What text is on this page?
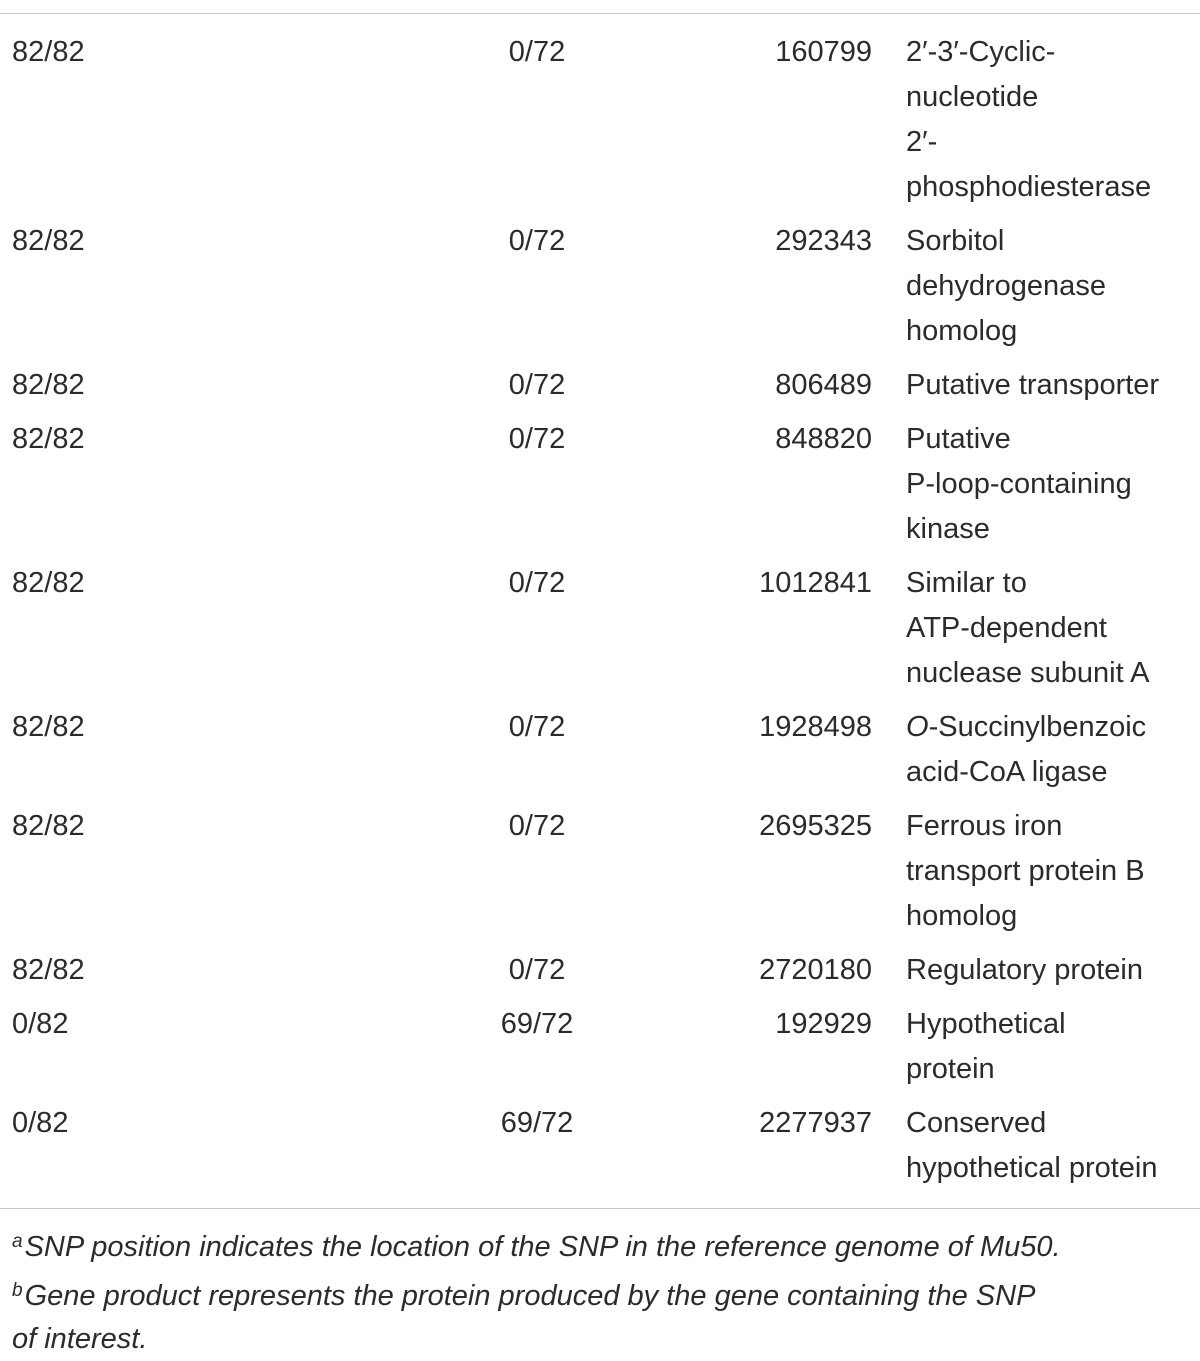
82/82	0/72	160799 2′-3′-Cyclic-
nucleotide
2′-
phosphodiesterase
82/82	0/72	292343 Sorbitol
dehydrogenase
homolog
82/82	0/72	806489 Putative transporter
82/82	0/72	848820 Putative
P-loop-containing
kinase
82/82	0/72	1012841 Similar to
ATP-dependent
nuclease subunit A
82/82	0/72	1928498 O-Succinylbenzoic
acid-CoA ligase
82/82	0/72	2695325 Ferrous iron
transport protein B
homolog
82/82	0/72	2720180 Regulatory protein
0/82	69/72	192929 Hypothetical
protein
0/82	69/72	2277937 Conserved
hypothetical protein
$^a$SNP position indicates the location of the SNP in the reference genome of Mu50.
$^b$Gene product represents the protein produced by the gene containing the SNP
of interest.
